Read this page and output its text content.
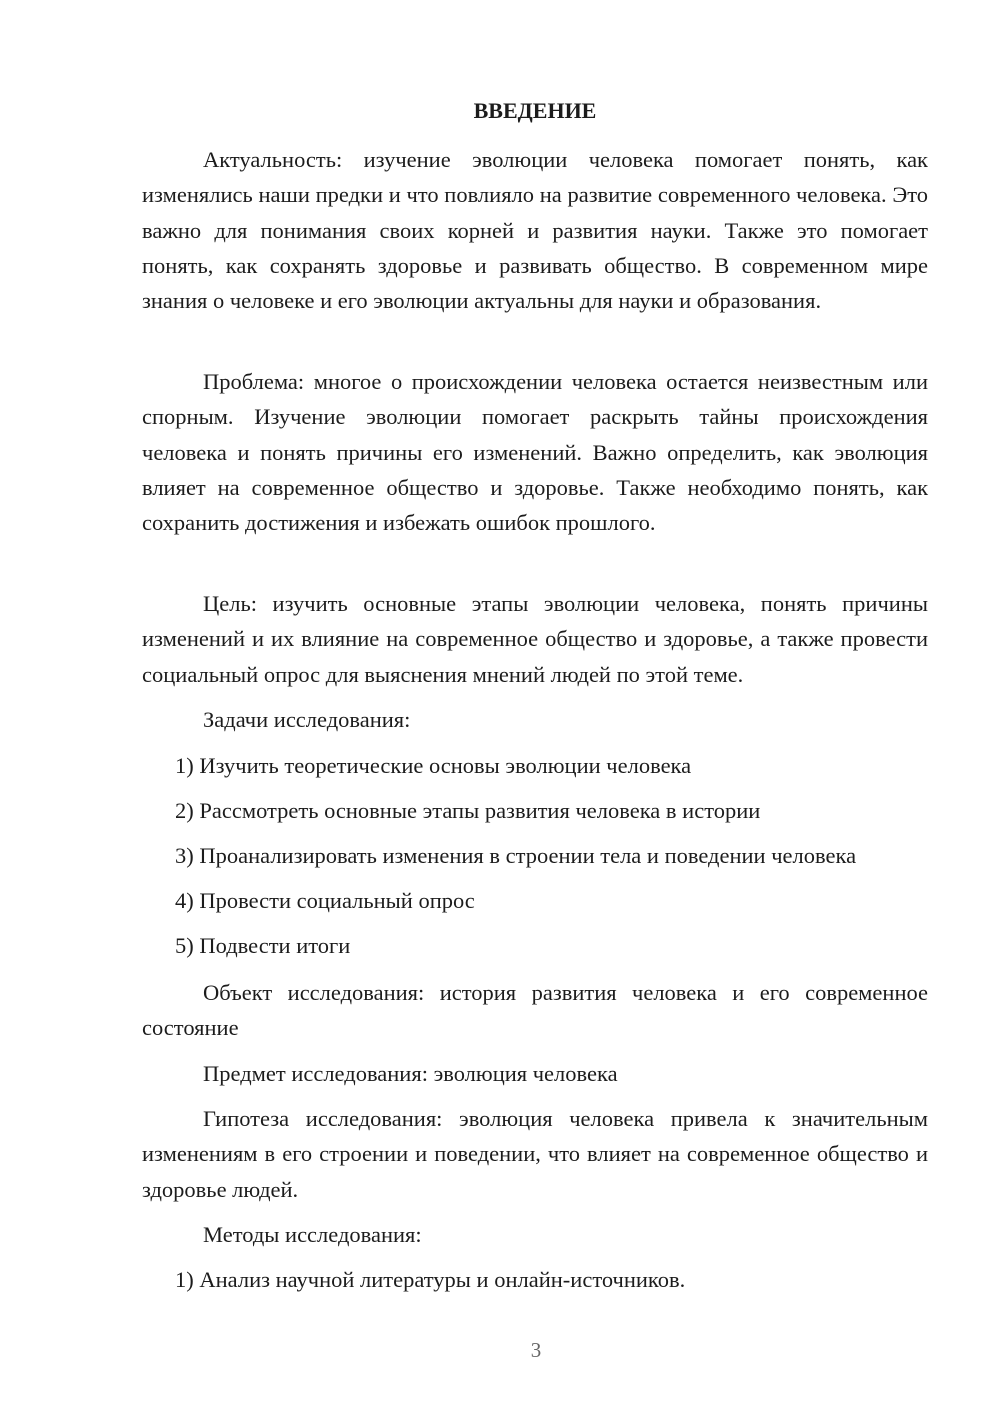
ВВЕДЕНИЕ

Актуальность: изучение эволюции человека помогает понять, как изменялись наши предки и что повлияло на развитие современного человека. Это важно для понимания своих корней и развития науки. Также это помогает понять, как сохранять здоровье и развивать общество. В современном мире знания о человеке и его эволюции актуальны для науки и образования.

Проблема: многое о происхождении человека остается неизвестным или спорным. Изучение эволюции помогает раскрыть тайны происхождения человека и понять причины его изменений. Важно определить, как эволюция влияет на современное общество и здоровье. Также необходимо понять, как сохранить достижения и избежать ошибок прошлого.

Цель: изучить основные этапы эволюции человека, понять причины изменений и их влияние на современное общество и здоровье, а также провести социальный опрос для выяснения мнений людей по этой теме.

Задачи исследования:

1) Изучить теоретические основы эволюции человека
2) Рассмотреть основные этапы развития человека в истории
3) Проанализировать изменения в строении тела и поведении человека
4) Провести социальный опрос
5) Подвести итоги

Объект исследования: история развития человека и его современное состояние

Предмет исследования: эволюция человека

Гипотеза исследования: эволюция человека привела к значительным изменениям в его строении и поведении, что влияет на современное общество и здоровье людей.

Методы исследования:

1) Анализ научной литературы и онлайн-источников.
3
